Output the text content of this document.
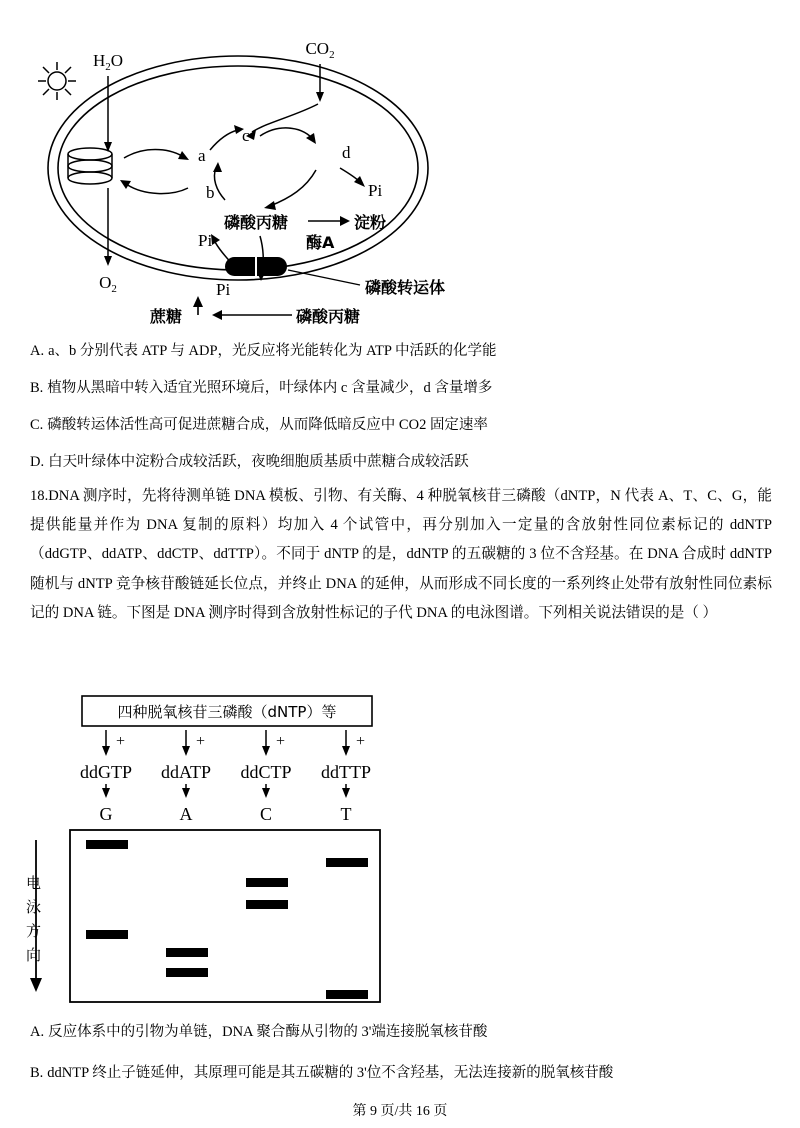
$H_2O$
$CO_2$
$O_2$
a
b
c
d
Pi
Pi
Pi
磷酸丙糖	淀粉
酶A
磷酸转运体
蔗糖	磷酸丙糖
A. a、b 分别代表 ATP 与 ADP，光反应将光能转化为 ATP 中活跃的化学能
B. 植物从黑暗中转入适宜光照环境后，叶绿体内 c 含量减少，d 含量增多
C. 磷酸转运体活性高可促进蔗糖合成，从而降低暗反应中 CO2 固定速率
D. 白天叶绿体中淀粉合成较活跃，夜晚细胞质基质中蔗糖合成较活跃
18.DNA 测序时，先将待测单链 DNA 模板、引物、有关酶、4 种脱氧核苷三磷酸（dNTP，N 代表 A、T、C、G，能提供能量并作为 DNA 复制的原料）均加入 4 个试管中，再分别加入一定量的含放射性同位素标记的 ddNTP（ddGTP、ddATP、ddCTP、ddTTP）。不同于 dNTP 的是，ddNTP 的五碳糖的 3 位不含羟基。在 DNA 合成时 ddNTP 随机与 dNTP 竞争核苷酸链延长位点，并终止 DNA 的延伸，从而形成不同长度的一系列终止处带有放射性同位素标记的 DNA 链。下图是 DNA 测序时得到含放射性标记的子代 DNA 的电泳图谱。下列相关说法错误的是（ ）
四种脱氧核苷三磷酸（dNTP）等
+	+	+	+
ddGTP ddATP ddCTP ddTTP
G	A	C	T
电
泳
方
向
A. 反应体系中的引物为单链，DNA 聚合酶从引物的 3'端连接脱氧核苷酸
B. ddNTP 终止子链延伸，其原理可能是其五碳糖的 3'位不含羟基，无法连接新的脱氧核苷酸
第 9 页/共 16 页
